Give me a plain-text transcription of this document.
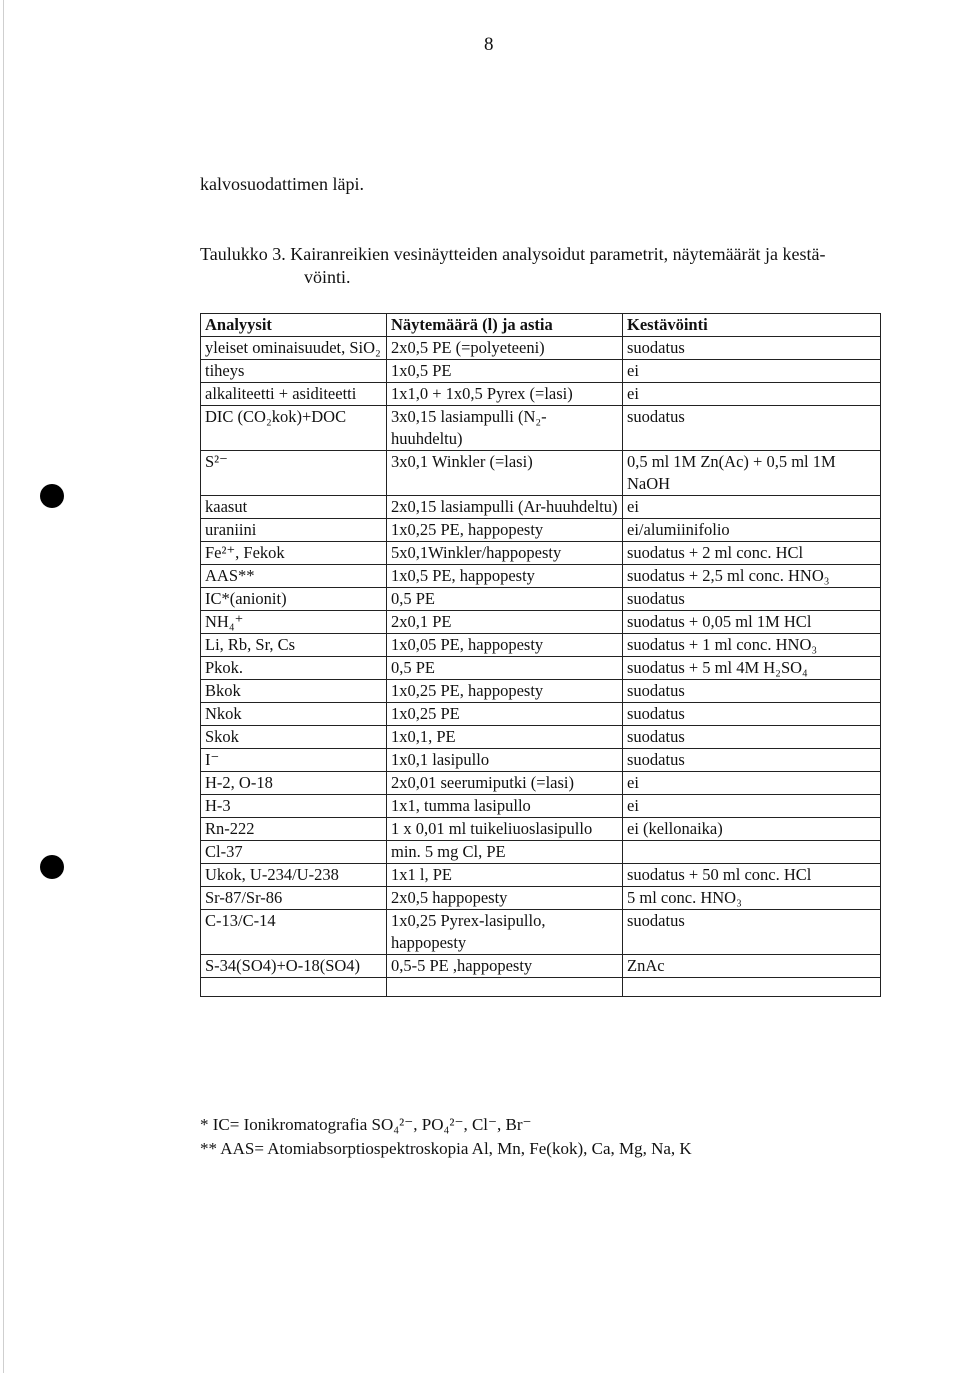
8
kalvosuodattimen läpi.
Taulukko 3. Kairanreikien vesinäytteiden analysoidut parametrit, näytemäärät ja kestä-
vöinti.
Analyysit	Näytemäärä (l) ja astia	Kestävöinti
yleiset ominaisuudet, SiO₂	2x0,5 PE (=polyeteeni)	suodatus
tiheys	1x0,5 PE	ei
alkaliteetti + asiditeetti	1x1,0 + 1x0,5 Pyrex (=lasi)	ei
DIC (CO₂kok)+DOC	3x0,15 lasiampulli (N₂-huuhdeltu)	suodatus
S²⁻	3x0,1 Winkler (=lasi)	0,5 ml 1M Zn(Ac) + 0,5 ml 1M NaOH
kaasut	2x0,15 lasiampulli (Ar-huuhdeltu)	ei
uraniini	1x0,25 PE, happopesty	ei/alumiinifolio
Fe²⁺, Fekok	5x0,1Winkler/happopesty	suodatus + 2 ml conc. HCl
AAS**	1x0,5 PE, happopesty	suodatus + 2,5 ml conc. HNO₃
IC*(anionit)	0,5 PE	suodatus
NH₄⁺	2x0,1 PE	suodatus + 0,05 ml 1M HCl
Li, Rb, Sr, Cs	1x0,05 PE, happopesty	suodatus + 1 ml conc. HNO₃
Pkok.	0,5 PE	suodatus + 5 ml 4M H₂SO₄
Bkok	1x0,25 PE, happopesty	suodatus
Nkok	1x0,25 PE	suodatus
Skok	1x0,1, PE	suodatus
I⁻	1x0,1 lasipullo	suodatus
H-2, O-18	2x0,01 seerumiputki (=lasi)	ei
H-3	1x1, tumma lasipullo	ei
Rn-222	1 x 0,01 ml tuikeliuoslasipullo	ei (kellonaika)
Cl-37	min. 5 mg Cl, PE	
Ukok, U-234/U-238	1x1 l, PE	suodatus + 50 ml conc. HCl
Sr-87/Sr-86	2x0,5 happopesty	5 ml conc. HNO₃
C-13/C-14	1x0,25 Pyrex-lasipullo, happopesty	suodatus
S-34(SO4)+O-18(SO4)	0,5-5 PE ,happopesty	ZnAc

* IC= Ionikromatografia SO₄²⁻, PO₄²⁻, Cl⁻, Br⁻
** AAS= Atomiabsorptiospektroskopia Al, Mn, Fe(kok), Ca, Mg, Na, K
